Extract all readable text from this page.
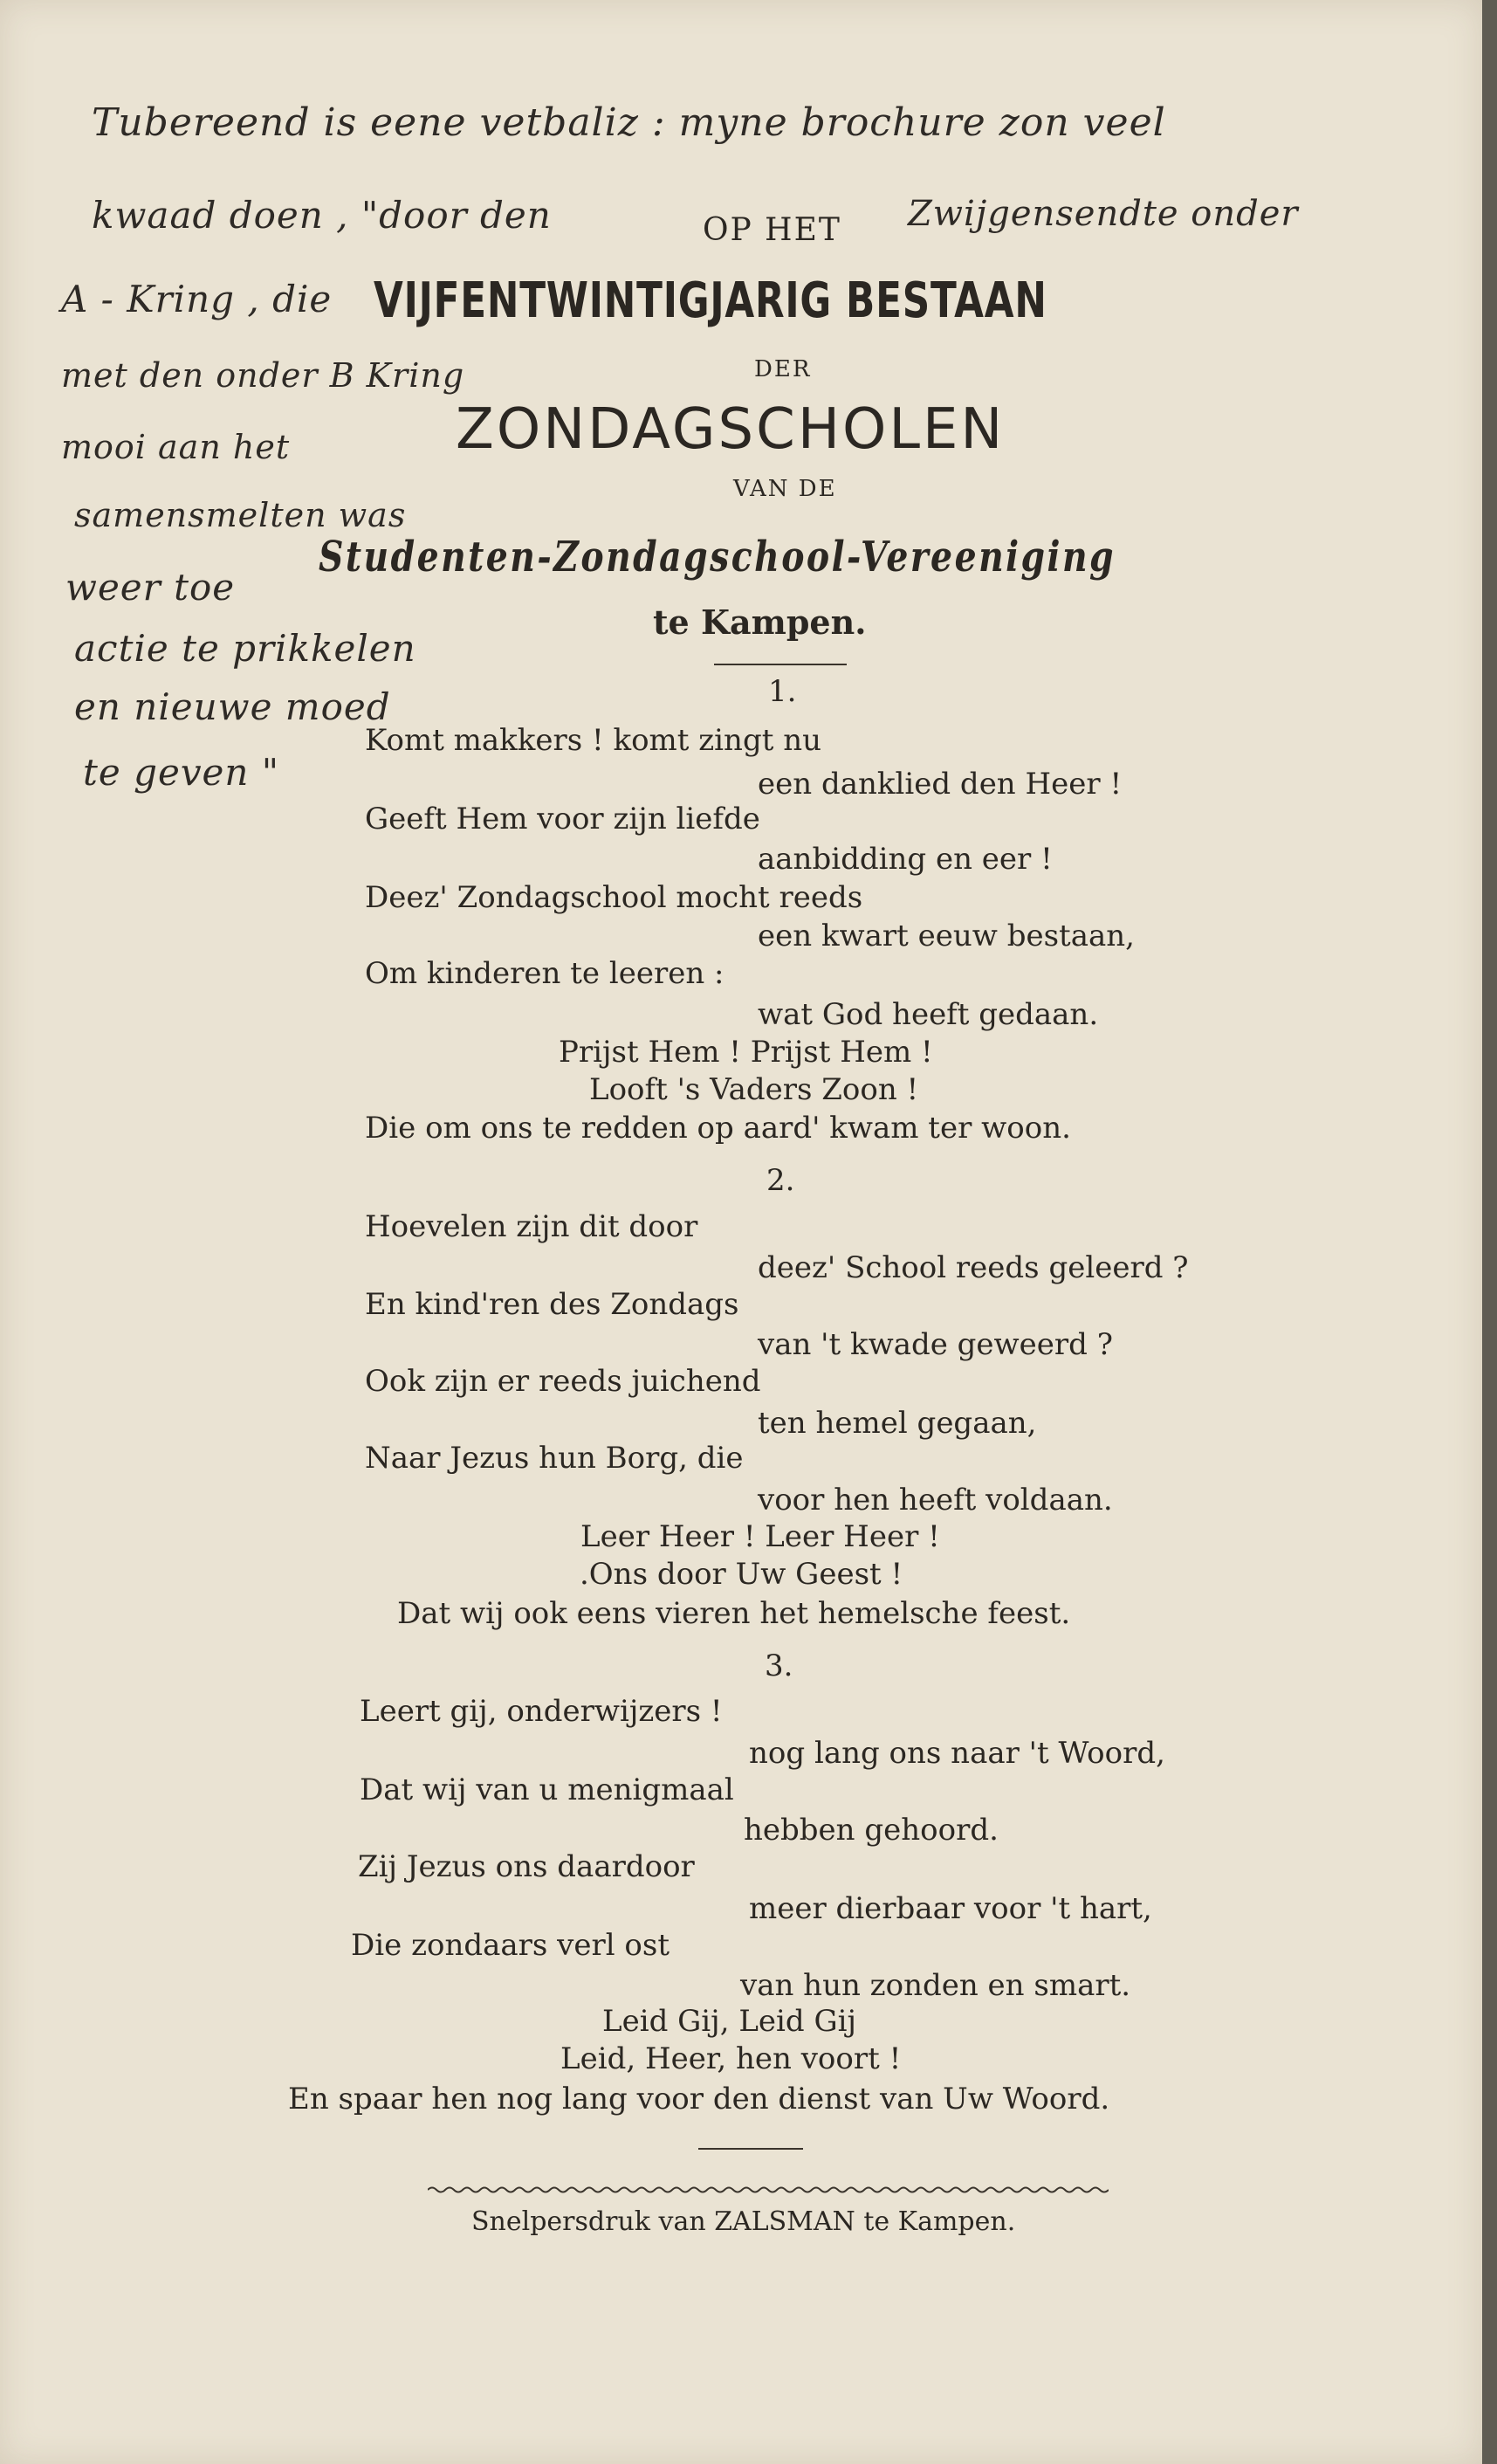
Tubereend is eene vetbaliz : myne brochure zon veel
kwaad doen , "door den	Zwijgensendte onder
A - Kring , die
met den onder B Kring
mooi aan het
samensmelten was
weer toe
actie te prikkelen
en nieuwe moed
te geven "
OP HET
VIJFENTWINTIGJARIG BESTAAN
DER
ZONDAGSCHOLEN
VAN DE
Studenten-Zondagschool-Vereeniging
te Kampen.
1.
Komt makkers ! komt zingt nu
een danklied den Heer !
Geeft Hem voor zijn liefde
aanbidding en eer !
Deez' Zondagschool mocht reeds
een kwart eeuw bestaan,
Om kinderen te leeren :
wat God heeft gedaan.
Prijst Hem ! Prijst Hem !
Looft 's Vaders Zoon !
Die om ons te redden op aard' kwam ter woon.
2.
Hoevelen zijn dit door
deez' School reeds geleerd ?
En kind'ren des Zondags
van 't kwade geweerd ?
Ook zijn er reeds juichend
ten hemel gegaan,
Naar Jezus hun Borg, die
voor hen heeft voldaan.
Leer Heer ! Leer Heer !
.Ons door Uw Geest !
Dat wij ook eens vieren het hemelsche feest.
3.
Leert gij, onderwijzers !
nog lang ons naar 't Woord,
Dat wij van u menigmaal
hebben gehoord.
Zij Jezus ons daardoor
meer dierbaar voor 't hart,
Die zondaars verl ost
van hun zonden en smart.
Leid Gij, Leid Gij
Leid, Heer, hen voort !
En spaar hen nog lang voor den dienst van Uw Woord.
Snelpersdruk van ZALSMAN te Kampen.
